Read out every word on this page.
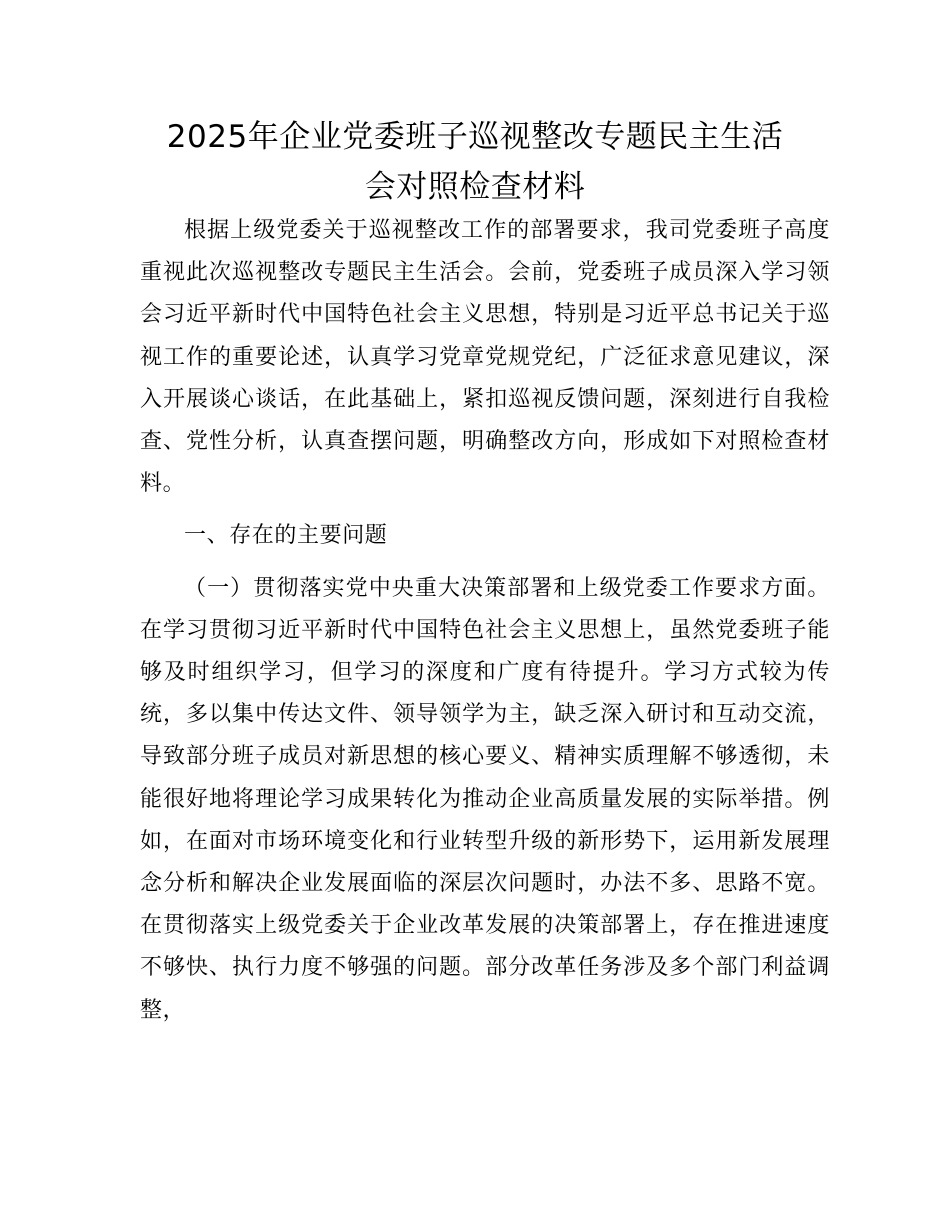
2025年企业党委班子巡视整改专题民主生活
会对照检查材料

根据上级党委关于巡视整改工作的部署要求，我司党委班子高度重视此次巡视整改专题民主生活会。会前，党委班子成员深入学习领会习近平新时代中国特色社会主义思想，特别是习近平总书记关于巡视工作的重要论述，认真学习党章党规党纪，广泛征求意见建议，深入开展谈心谈话，在此基础上，紧扣巡视反馈问题，深刻进行自我检查、党性分析，认真查摆问题，明确整改方向，形成如下对照检查材料。

一、存在的主要问题

（一）贯彻落实党中央重大决策部署和上级党委工作要求方面。在学习贯彻习近平新时代中国特色社会主义思想上，虽然党委班子能够及时组织学习，但学习的深度和广度有待提升。学习方式较为传统，多以集中传达文件、领导领学为主，缺乏深入研讨和互动交流，导致部分班子成员对新思想的核心要义、精神实质理解不够透彻，未能很好地将理论学习成果转化为推动企业高质量发展的实际举措。例如，在面对市场环境变化和行业转型升级的新形势下，运用新发展理念分析和解决企业发展面临的深层次问题时，办法不多、思路不宽。在贯彻落实上级党委关于企业改革发展的决策部署上，存在推进速度不够快、执行力度不够强的问题。部分改革任务涉及多个部门利益调整，
